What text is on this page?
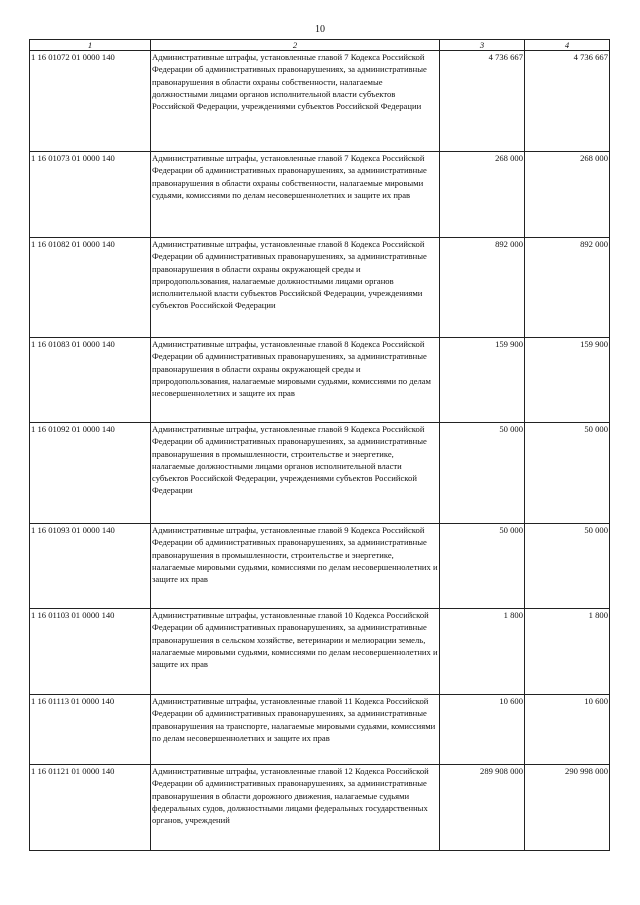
10
1	2	3	4
1 16 01072 01 0000 140	Административные штрафы, установленные главой 7 Кодекса Российской Федерации об административных правонарушениях, за административные правонарушения в области охраны собственности, налагаемые должностными лицами органов исполнительной власти субъектов Российской Федерации, учреждениями субъектов Российской Федерации	4 736 667	4 736 667
1 16 01073 01 0000 140	Административные штрафы, установленные главой 7 Кодекса Российской Федерации об административных правонарушениях, за административные правонарушения в области охраны собственности, налагаемые мировыми судьями, комиссиями по делам несовершеннолетних и защите их прав	268 000	268 000
1 16 01082 01 0000 140	Административные штрафы, установленные главой 8 Кодекса Российской Федерации об административных правонарушениях, за административные правонарушения в области охраны окружающей среды и природопользования, налагаемые должностными лицами органов исполнительной власти субъектов Российской Федерации, учреждениями субъектов Российской Федерации	892 000	892 000
1 16 01083 01 0000 140	Административные штрафы, установленные главой 8 Кодекса Российской Федерации об административных правонарушениях, за административные правонарушения в области охраны окружающей среды и природопользования, налагаемые мировыми судьями, комиссиями по делам несовершеннолетних и защите их прав	159 900	159 900
1 16 01092 01 0000 140	Административные штрафы, установленные главой 9 Кодекса Российской Федерации об административных правонарушениях, за административные правонарушения в промышленности, строительстве и энергетике, налагаемые должностными лицами органов исполнительной власти субъектов Российской Федерации, учреждениями субъектов Российской Федерации	50 000	50 000
1 16 01093 01 0000 140	Административные штрафы, установленные главой 9 Кодекса Российской Федерации об административных правонарушениях, за административные правонарушения в промышленности, строительстве и энергетике, налагаемые мировыми судьями, комиссиями по делам несовершеннолетних и защите их прав	50 000	50 000
1 16 01103 01 0000 140	Административные штрафы, установленные главой 10 Кодекса Российской Федерации об административных правонарушениях, за административные правонарушения в сельском хозяйстве, ветеринарии и мелиорации земель, налагаемые мировыми судьями, комиссиями по делам несовершеннолетних и защите их прав	1 800	1 800
1 16 01113 01 0000 140	Административные штрафы, установленные главой 11 Кодекса Российской Федерации об административных правонарушениях, за административные правонарушения на транспорте, налагаемые мировыми судьями, комиссиями по делам несовершеннолетних и защите их прав	10 600	10 600
1 16 01121 01 0000 140	Административные штрафы, установленные главой 12 Кодекса Российской Федерации об административных правонарушениях, за административные правонарушения в области дорожного движения, налагаемые судьями федеральных судов, должностными лицами федеральных государственных органов, учреждений	289 908 000	290 998 000
